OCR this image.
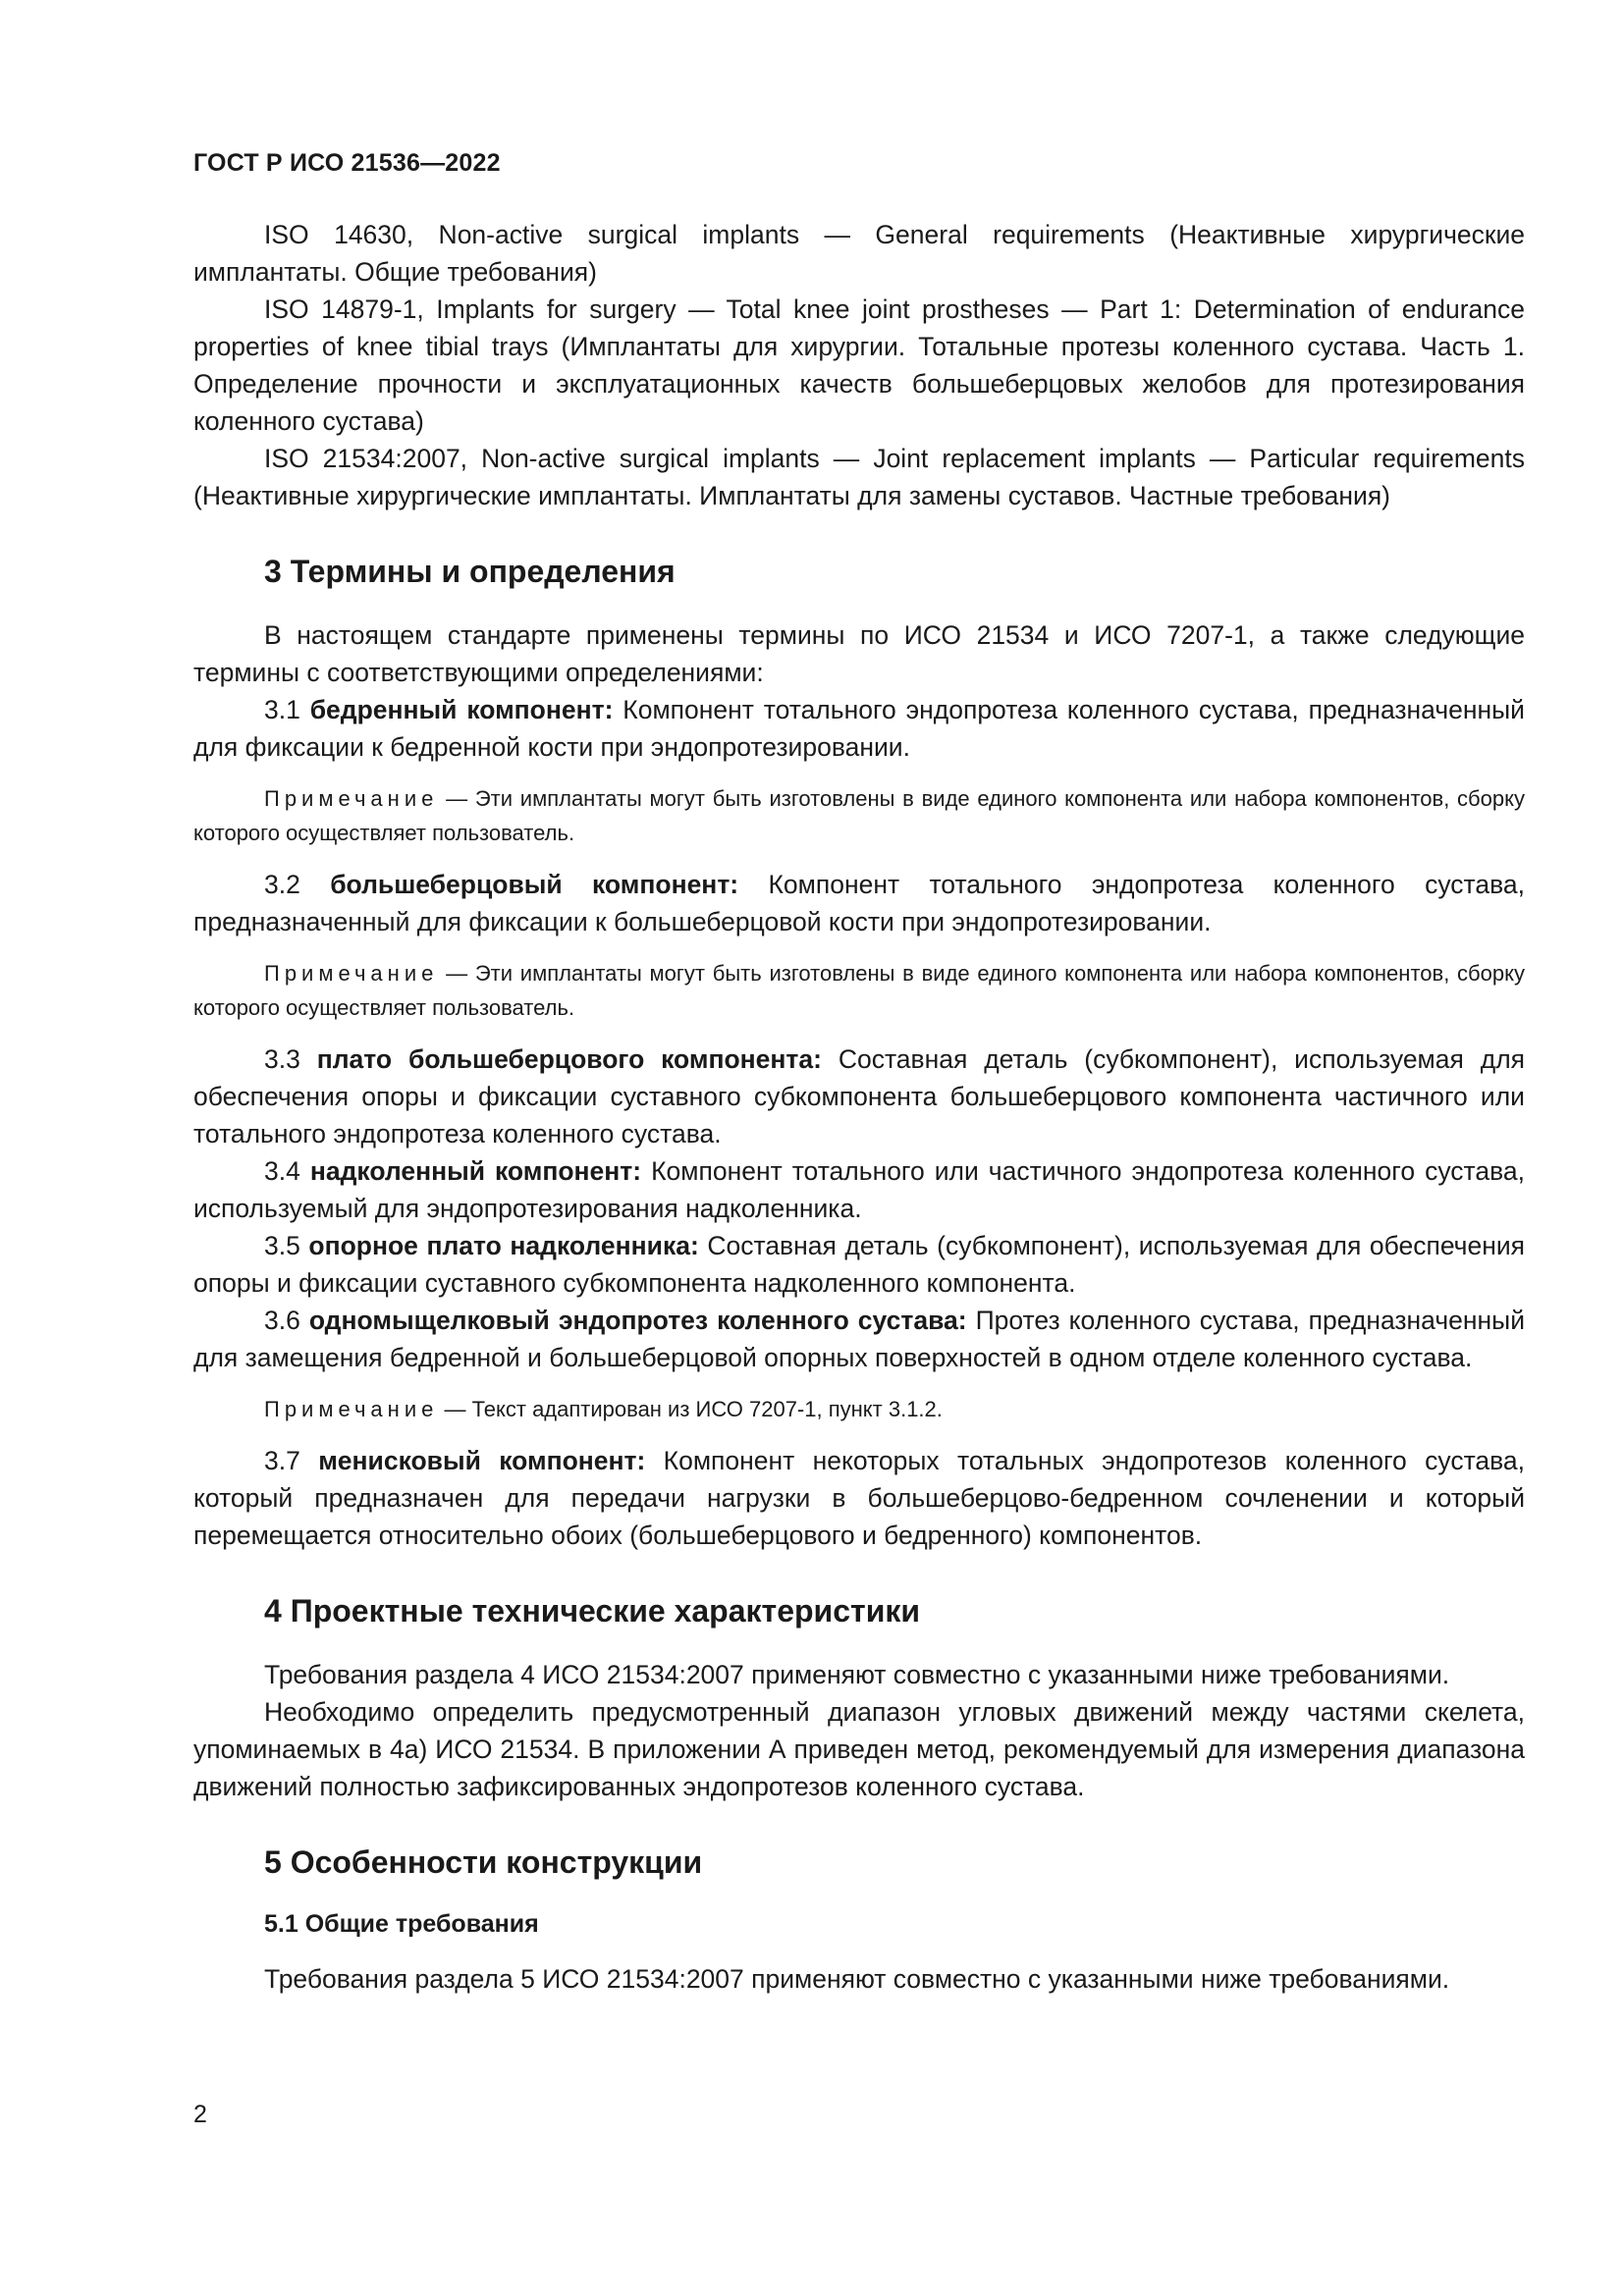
ГОСТ Р ИСО 21536—2022

ISO 14630, Non-active surgical implants — General requirements (Неактивные хирургические имплантаты. Общие требования)

ISO 14879-1, Implants for surgery — Total knee joint prostheses — Part 1: Determination of endurance properties of knee tibial trays (Имплантаты для хирургии. Тотальные протезы коленного сустава. Часть 1. Определение прочности и эксплуатационных качеств большеберцовых желобов для протезирования коленного сустава)

ISO 21534:2007, Non-active surgical implants — Joint replacement implants — Particular requirements (Неактивные хирургические имплантаты. Имплантаты для замены суставов. Частные требования)

3 Термины и определения

В настоящем стандарте применены термины по ИСО 21534 и ИСО 7207-1, а также следующие термины с соответствующими определениями:

3.1 бедренный компонент: Компонент тотального эндопротеза коленного сустава, предназначенный для фиксации к бедренной кости при эндопротезировании.

Примечание — Эти имплантаты могут быть изготовлены в виде единого компонента или набора компонентов, сборку которого осуществляет пользователь.

3.2 большеберцовый компонент: Компонент тотального эндопротеза коленного сустава, предназначенный для фиксации к большеберцовой кости при эндопротезировании.

Примечание — Эти имплантаты могут быть изготовлены в виде единого компонента или набора компонентов, сборку которого осуществляет пользователь.

3.3 плато большеберцового компонента: Составная деталь (субкомпонент), используемая для обеспечения опоры и фиксации суставного субкомпонента большеберцового компонента частичного или тотального эндопротеза коленного сустава.

3.4 надколенный компонент: Компонент тотального или частичного эндопротеза коленного сустава, используемый для эндопротезирования надколенника.

3.5 опорное плато надколенника: Составная деталь (субкомпонент), используемая для обеспечения опоры и фиксации суставного субкомпонента надколенного компонента.

3.6 одномыщелковый эндопротез коленного сустава: Протез коленного сустава, предназначенный для замещения бедренной и большеберцовой опорных поверхностей в одном отделе коленного сустава.

Примечание — Текст адаптирован из ИСО 7207-1, пункт 3.1.2.

3.7 менисковый компонент: Компонент некоторых тотальных эндопротезов коленного сустава, который предназначен для передачи нагрузки в большеберцово-бедренном сочленении и который перемещается относительно обоих (большеберцового и бедренного) компонентов.

4 Проектные технические характеристики

Требования раздела 4 ИСО 21534:2007 применяют совместно с указанными ниже требованиями.

Необходимо определить предусмотренный диапазон угловых движений между частями скелета, упоминаемых в 4а) ИСО 21534. В приложении А приведен метод, рекомендуемый для измерения диапазона движений полностью зафиксированных эндопротезов коленного сустава.

5 Особенности конструкции
5.1 Общие требования

Требования раздела 5 ИСО 21534:2007 применяют совместно с указанными ниже требованиями.

2
